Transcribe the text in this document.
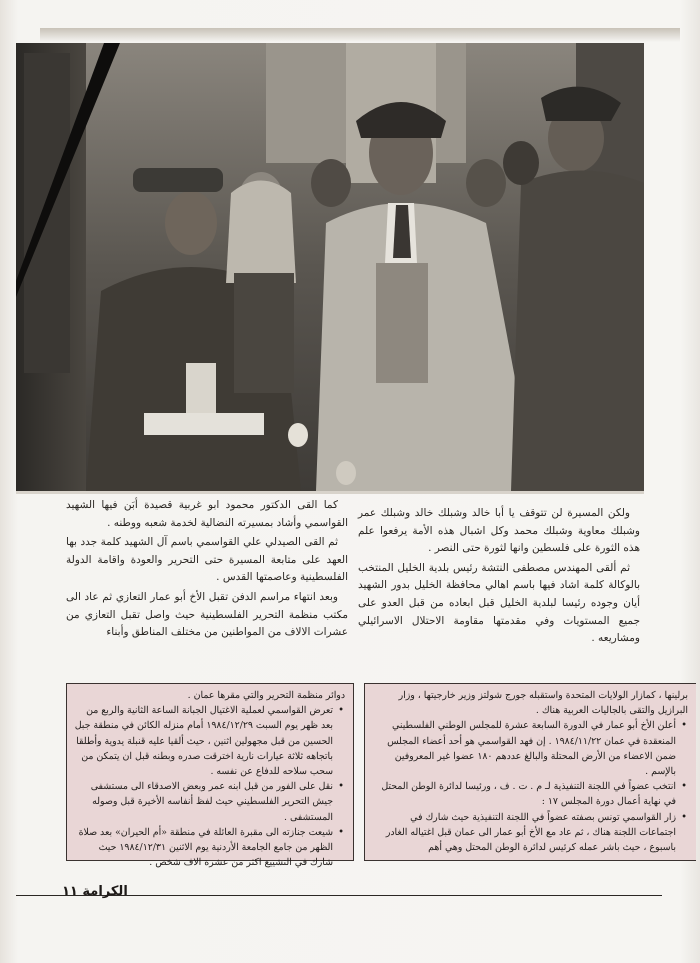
ولكن المسيرة لن تتوقف يا أبا خالد وشبلك خالد وشبلك عمر وشبلك معاوية وشبلك محمد وكل اشبال هذه الأمة يرفعوا علم هذه الثورة على فلسطين وانها لثورة حتى النصر .

ثم ألقى المهندس مصطفى النتشة رئيس بلدية الخليل المنتخب بالوكالة كلمة اشاد فيها باسم اهالي محافظة الخليل بدور الشهيد أيان وجوده رئيسا لبلدية الخليل قبل ابعاده من قبل العدو على جميع المستويات وفي مقدمتها مقاومة الاحتلال الاسرائيلي ومشاريعه .

كما القى الدكتور محمود ابو غربية قصيدة أبَن فيها الشهيد القواسمي وأشاد بمسيرته النضالية لخدمة شعبه ووطنه .

ثم القى الصيدلي علي القواسمي باسم آل الشهيد كلمة جدد بها العهد على متابعة المسيرة حتى التحرير والعودة واقامة الدولة الفلسطينية وعاصمتها القدس .

وبعد انتهاء مراسم الدفن تقبل الأخ أبو عمار التعازي ثم عاد الى مكتب منظمة التحرير الفلسطينية حيث واصل تقبل التعازي من عشرات الالاف من المواطنين من مختلف المناطق وأبناء

برلينها ، كمازار الولايات المتحدة واستقبله جورج شولتز وزير خارجيتها ، وزار البرازيل والتقى بالجاليات العربية هناك .

• أعلن الأخ أبو عمار في الدورة السابعة عشرة للمجلس الوطني الفلسطيني المنعقدة في عمان ١٩٨٤/١١/٢٢ . إن فهد القواسمي هو أحد أعضاء المجلس ضمن الاعضاء من الأرض المحتلة والبالغ عددهم ١٨٠ عضوا غير المعروفين بالإسم .
• انتخب عضواً في اللجنة التنفيذية لـ م . ت . ف ، ورئيسا لدائرة الوطن المحتل في نهاية أعمال دورة المجلس ١٧ :
• زار القواسمي تونس بصفته عضواً في اللجنة التنفيذية حيث شارك في اجتماعات اللجنة هناك ، ثم عاد مع الأخ أبو عمار الى عمان قبل اغتياله الغادر باسبوع ، حيث باشر عمله كرئيس لدائرة الوطن المحتل وهي أهم

دوائر منظمة التحرير والتي مقرها عمان .

• تعرض القواسمي لعملية الاغتيال الجبانة الساعة الثانية والربع من بعد ظهر يوم السبت ١٩٨٤/١٢/٢٩ أمام منزله الكائن في منطقة جبل الحسين من قبل مجهولين اثنين ، حيث ألقيا عليه قنبلة يدوية وأطلقا باتجاهه ثلاثة عيارات نارية اخترقت صدره وبطنه قبل ان يتمكن من سحب سلاحه للدفاع عن نفسه .
• نقل على الفور من قبل ابنه عمر وبعض الاصدقاء الى مستشفى جيش التحرير الفلسطيني حيث لفظ أنفاسه الأخيرة قبل وصوله المستشفى .
• شيعت جنازته الى مقبرة العائلة في منطقة «أم الحيران» بعد صلاة الظهر من جامع الجامعة الأردنية يوم الاثنين ١٩٨٤/١٢/٣١ حيث شارك في التشييع اكثر من عشرة الاف شخص .
الكرامة ١١
